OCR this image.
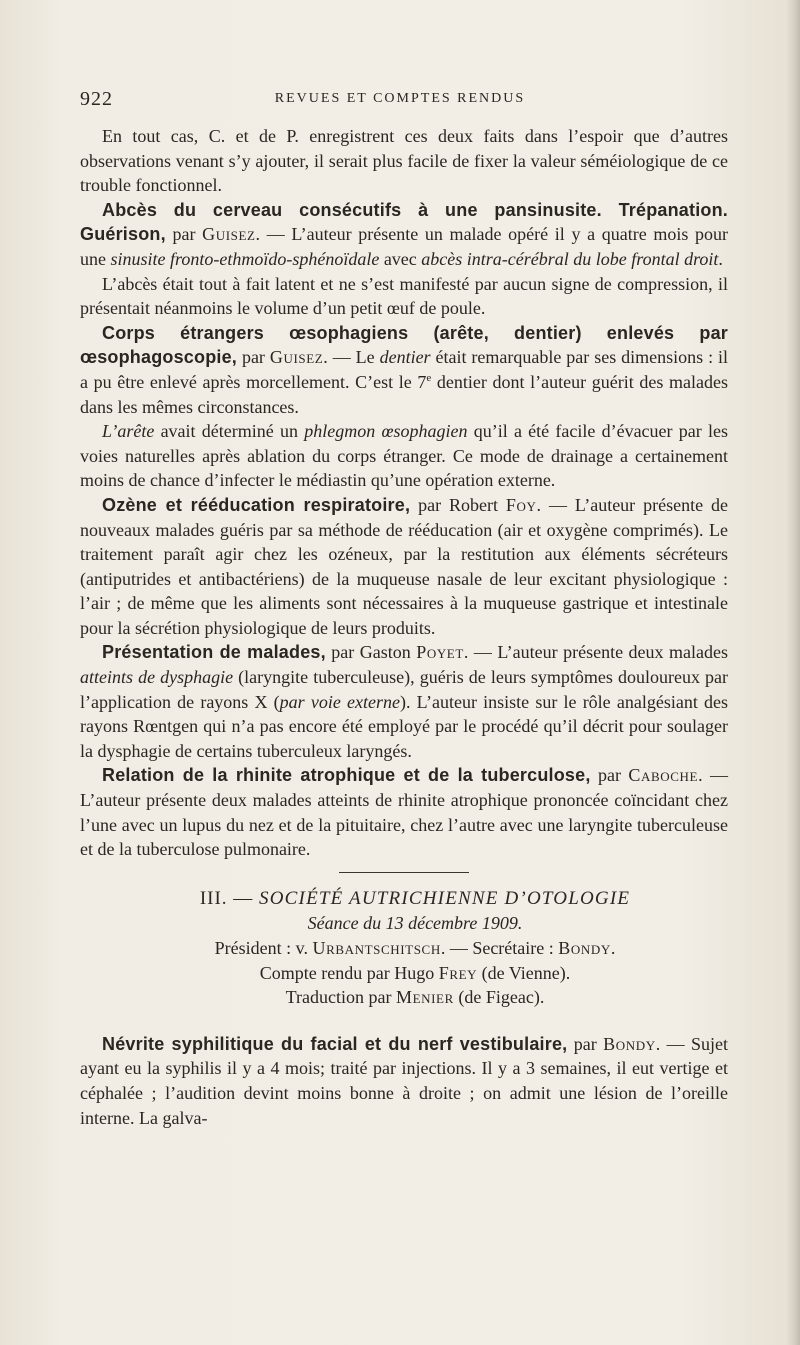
922	REVUES ET COMPTES RENDUS

En tout cas, C. et de P. enregistrent ces deux faits dans l’espoir que d’autres observations venant s’y ajouter, il serait plus facile de fixer la valeur séméiologique de ce trouble fonctionnel.

Abcès du cerveau consécutifs à une pansinusite. Trépanation. Guérison, par Guisez. — L’auteur présente un malade opéré il y a quatre mois pour une sinusite fronto-ethmoïdo-sphénoïdale avec abcès intra-cérébral du lobe frontal droit.

L’abcès était tout à fait latent et ne s’est manifesté par aucun signe de compression, il présentait néanmoins le volume d’un petit œuf de poule.

Corps étrangers œsophagiens (arête, dentier) enlevés par œsophagoscopie, par Guisez. — Le dentier était remarquable par ses dimensions : il a pu être enlevé après morcellement. C’est le 7e dentier dont l’auteur guérit des malades dans les mêmes circonstances.

L’arête avait déterminé un phlegmon œsophagien qu’il a été facile d’évacuer par les voies naturelles après ablation du corps étranger. Ce mode de drainage a certainement moins de chance d’infecter le médiastin qu’une opération externe.

Ozène et rééducation respiratoire, par Robert Foy. — L’auteur présente de nouveaux malades guéris par sa méthode de rééducation (air et oxygène comprimés). Le traitement paraît agir chez les ozéneux, par la restitution aux éléments sécréteurs (antiputrides et antibactériens) de la muqueuse nasale de leur excitant physiologique : l’air ; de même que les aliments sont nécessaires à la muqueuse gastrique et intestinale pour la sécrétion physiologique de leurs produits.

Présentation de malades, par Gaston Poyet. — L’auteur présente deux malades atteints de dysphagie (laryngite tuberculeuse), guéris de leurs symptômes douloureux par l’application de rayons X (par voie externe). L’auteur insiste sur le rôle analgésiant des rayons Rœntgen qui n’a pas encore été employé par le procédé qu’il décrit pour soulager la dysphagie de certains tuberculeux laryngés.

Relation de la rhinite atrophique et de la tuberculose, par Caboche. — L’auteur présente deux malades atteints de rhinite atrophique prononcée coïncidant chez l’une avec un lupus du nez et de la pituitaire, chez l’autre avec une laryngite tuberculeuse et de la tuberculose pulmonaire.

III. — SOCIÉTÉ AUTRICHIENNE D’OTOLOGIE

Séance du 13 décembre 1909.

Président : v. Urbantschitsch. — Secrétaire : Bondy.

Compte rendu par Hugo Frey (de Vienne).

Traduction par Menier (de Figeac).

Névrite syphilitique du facial et du nerf vestibulaire, par Bondy. — Sujet ayant eu la syphilis il y a 4 mois; traité par injections. Il y a 3 semaines, il eut vertige et céphalée ; l’audition devint moins bonne à droite ; on admit une lésion de l’oreille interne. La galva-
